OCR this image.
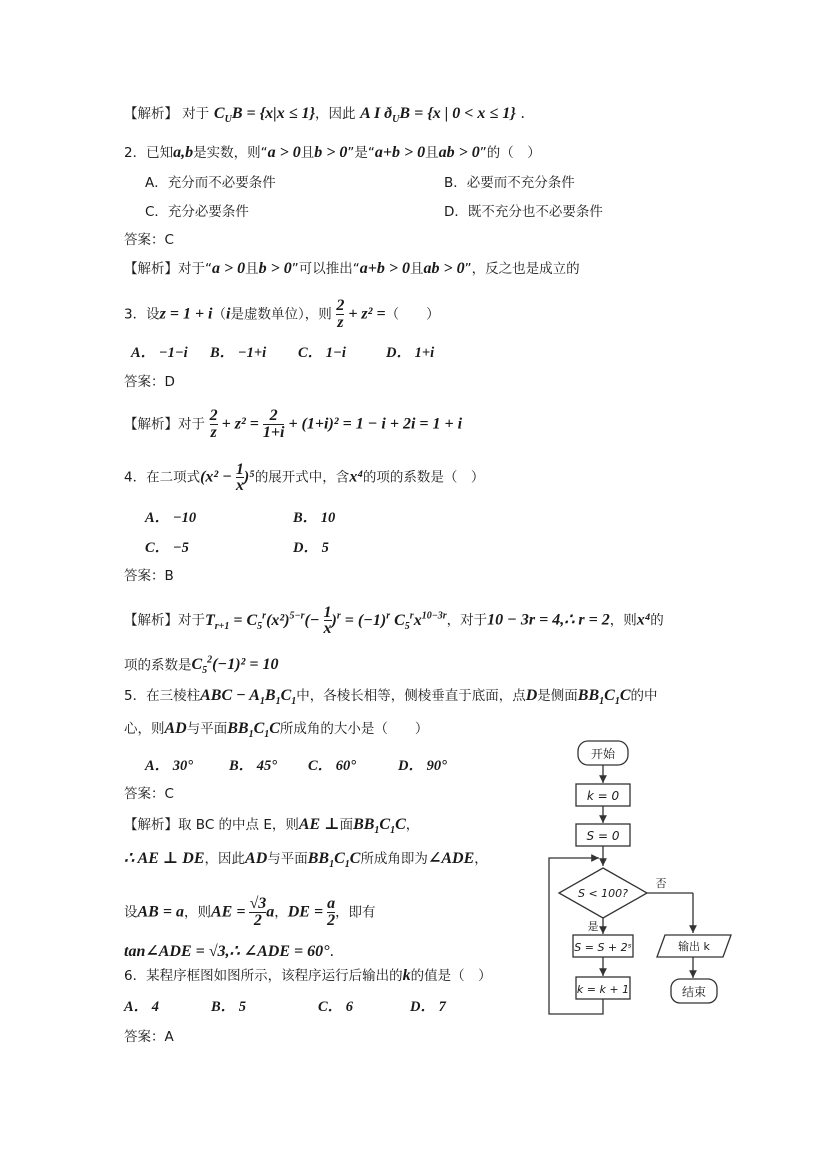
【解析】 对于 $C_UB = \{x|x \le 1\}$，因此 A I $ð_UB = \{x$ | 0 < x ≤ 1} .
2．已知a,b是实数，则“a > 0且b > 0”是“a+b > 0且ab > 0”的（　）
A．充分而不必要条件	B．必要而不充分条件
C．充分必要条件	D．既不充分也不必要条件
答案：C
【解析】对于“a > 0且b > 0”可以推出“a+b > 0且ab > 0”，反之也是成立的
3．设z = 1 + i（i是虚数单位），则 $\frac{2}{z} + z^2$ =（　　）
A． −1−i B． −1+i C． 1−i	D． 1+i
答案：D
【解析】对于 $\frac{2}{z} + z^2 = \frac{2}{1+i} + (1+i)^2 = 1 - i + 2i = 1 + i$
4．在二项式$(x^2 - \frac{1}{x} )^5$的展开式中，含x⁴的项的系数是（　）
A． −10	B． 10
C． −5	D． 5
答案：B
【解析】对于$T_{r+1} = C_5^r(x^2)^{5-r}(- \frac{1}{x} )^r = (-1)^r$ $C_5^rx^{10-3r}$，对于10 − 3r = 4,∴ r = 2，则x⁴的
项的系数是$C_5^2(-1)^2 = 10$
5．在三棱柱ABC − $A_1B_1C_1$中，各棱长相等，侧棱垂直于底面，点D是侧面$BB_1C_1C$的中
心，则AD与平面$BB_1C_1C$所成角的大小是（　　）
A． 30° B． 45° C． 60°	D． 90°
答案：C
【解析】取 BC 的中点 E，则AE ⊥面$BB_1C_1C$，
∴ AE ⊥ DE，因此AD与平面$BB_1C_1C$所成角即为∠ADE，
设AB = a，则AE = $\frac{√3}{2}$ a，DE = $\frac{a}{2}$ ，即有
tan∠ADE = √3,∴ ∠ADE = 60°.
6．某程序框图如图所示，该程序运行后输出的k的值是（　）
A． 4	B． 5	C． 6	D． 7
答案：A
开始
k = 0
S = 0
S < 100?
否
是
S = S + 2ˢ	输出 k
结束
k = k + 1
